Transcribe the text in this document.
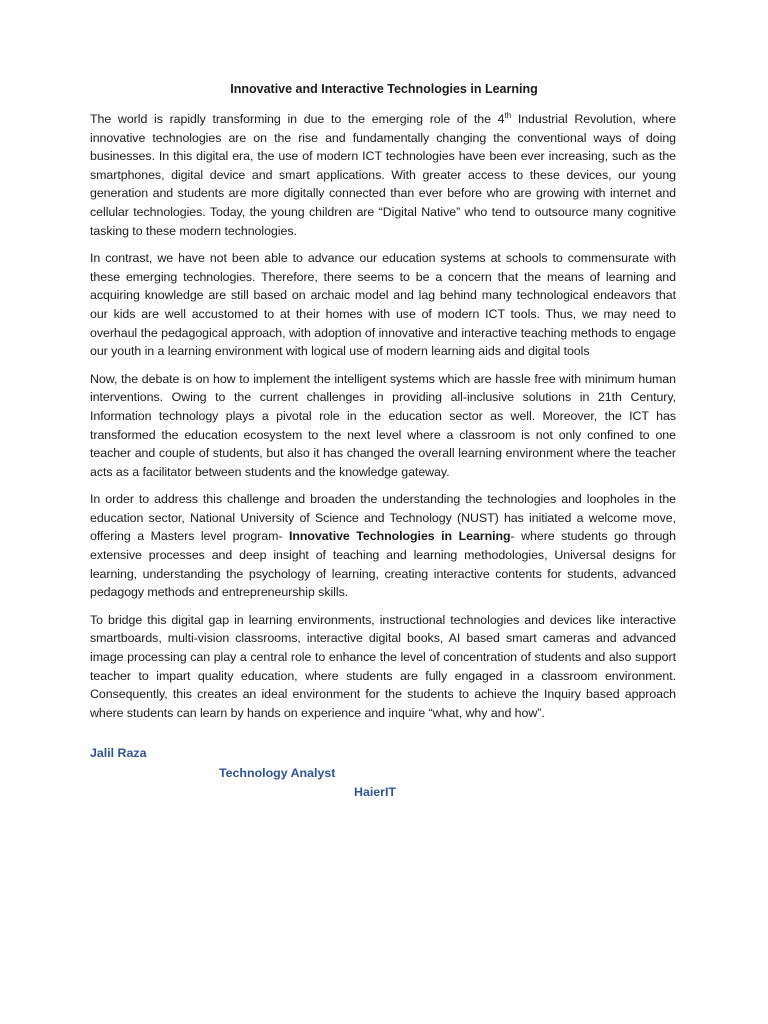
Innovative and Interactive Technologies in Learning

The world is rapidly transforming in due to the emerging role of the 4th Industrial Revolution, where innovative technologies are on the rise and fundamentally changing the conventional ways of doing businesses. In this digital era, the use of modern ICT technologies have been ever increasing, such as the smartphones, digital device and smart applications. With greater access to these devices, our young generation and students are more digitally connected than ever before who are growing with internet and cellular technologies. Today, the young children are “Digital Native” who tend to outsource many cognitive tasking to these modern technologies.

In contrast, we have not been able to advance our education systems at schools to commensurate with these emerging technologies. Therefore, there seems to be a concern that the means of learning and acquiring knowledge are still based on archaic model and lag behind many technological endeavors that our kids are well accustomed to at their homes with use of modern ICT tools. Thus, we may need to overhaul the pedagogical approach, with adoption of innovative and interactive teaching methods to engage our youth in a learning environment with logical use of modern learning aids and digital tools

Now, the debate is on how to implement the intelligent systems which are hassle free with minimum human interventions. Owing to the current challenges in providing all-inclusive solutions in 21th Century, Information technology plays a pivotal role in the education sector as well. Moreover, the ICT has transformed the education ecosystem to the next level where a classroom is not only confined to one teacher and couple of students, but also it has changed the overall learning environment where the teacher acts as a facilitator between students and the knowledge gateway.

In order to address this challenge and broaden the understanding the technologies and loopholes in the education sector, National University of Science and Technology (NUST) has initiated a welcome move, offering a Masters level program- Innovative Technologies in Learning- where students go through extensive processes and deep insight of teaching and learning methodologies, Universal designs for learning, understanding the psychology of learning, creating interactive contents for students, advanced pedagogy methods and entrepreneurship skills.

To bridge this digital gap in learning environments, instructional technologies and devices like interactive smartboards, multi-vision classrooms, interactive digital books, AI based smart cameras and advanced image processing can play a central role to enhance the level of concentration of students and also support teacher to impart quality education, where students are fully engaged in a classroom environment. Consequently, this creates an ideal environment for the students to achieve the Inquiry based approach where students can learn by hands on experience and inquire “what, why and how”.

Jalil Raza

Technology Analyst

HaierIT
